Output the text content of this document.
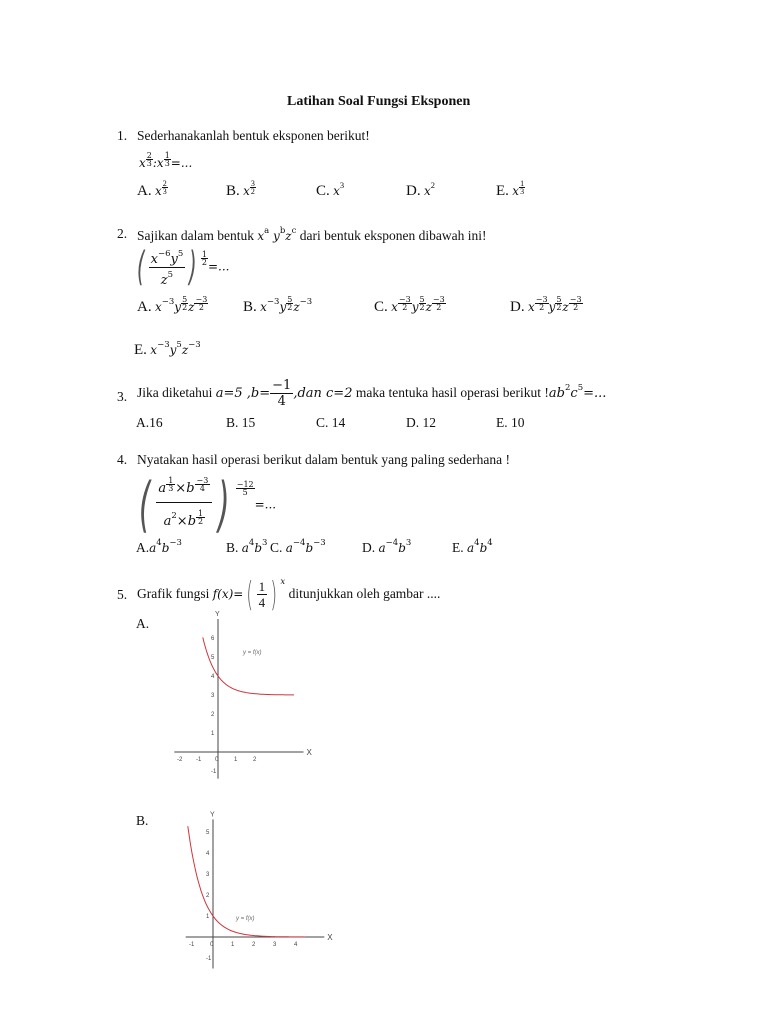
Latihan Soal Fungsi Eksponen
1. Sederhanakanlah bentuk eksponen berikut!
x $\frac{2}{3}$ :x $\frac{1}{3}$ =...
A. x $\frac{2}{3}$	B. x $\frac{3}{2}$	C. $x^3$	D. $x^2$	E. x $\frac{1}{3}$
2. Sajikan dalam bentuk $x^a$ $y^bz^c$ dari bentuk eksponen dibawah ini!
( $\frac{x^{-6}y^5}{z^5}$ ) $\frac{1}{2}$
=...
A. $x^{-3}y \frac{5}{2}$ z $\frac{-3}{2} B$. $x^{-3}y \frac{5}{2} z^{-3}$	C. x $\frac{-3}{2}$ y $\frac{5}{2}$ z $\frac{-3}{2}$	D. x $\frac{-3}{2}$ y $\frac{5}{2}$ z $\frac{-3}{2}$
E. $x^{-3}y^5z^{-3}$
3. Jika diketahui a=5 $,b= \frac{-1}{4} ,dan$ c=2 maka tentuka hasil operasi berikut $!ab^2c^5=$...
A.16	B. 15	C. 14	D. 12	E. 10
4. Nyatakan hasil operasi berikut dalam bentuk yang paling sederhana !
( $\frac{a \frac{1}{3} \times b \frac{-3}{4}}{a^2\times b \frac{1}{2}}$ ) $\frac{-12}{5}$
=...
$A.a^4b^{-3}$	B. $a^4b^3$ C. $a^{-4}b^{-3}$	D. $a^{-4}b^3$	E. $a^4b^4$
5. Grafik fungsi $f(x)=( \frac{1}{4}$ ) $^x$ ditunjukkan oleh gambar ....
A.
X
Y
-2 -1 0	1	2
-1
1
2
3
4
5
6
y = f(x)
B.
X
Y
-1	0	1	2	3	4
-1
1
2
3
4
5
y = f(x)
